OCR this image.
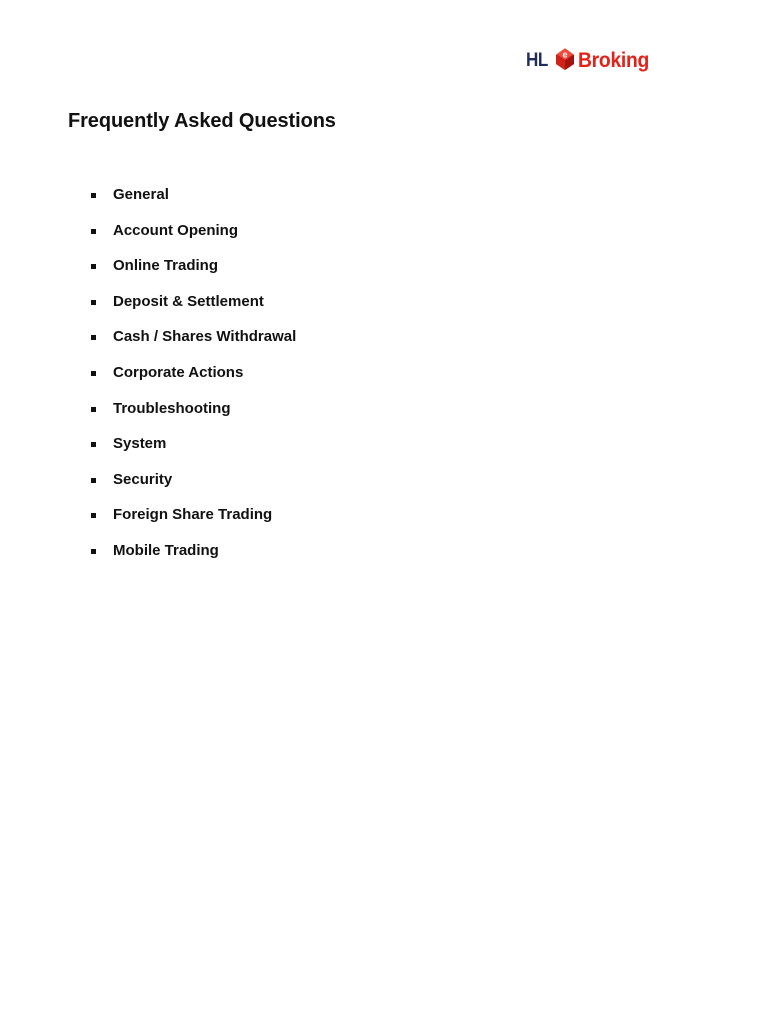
HL e Broking
Frequently Asked Questions
General
Account Opening
Online Trading
Deposit & Settlement
Cash / Shares Withdrawal
Corporate Actions
Troubleshooting
System
Security
Foreign Share Trading
Mobile Trading
